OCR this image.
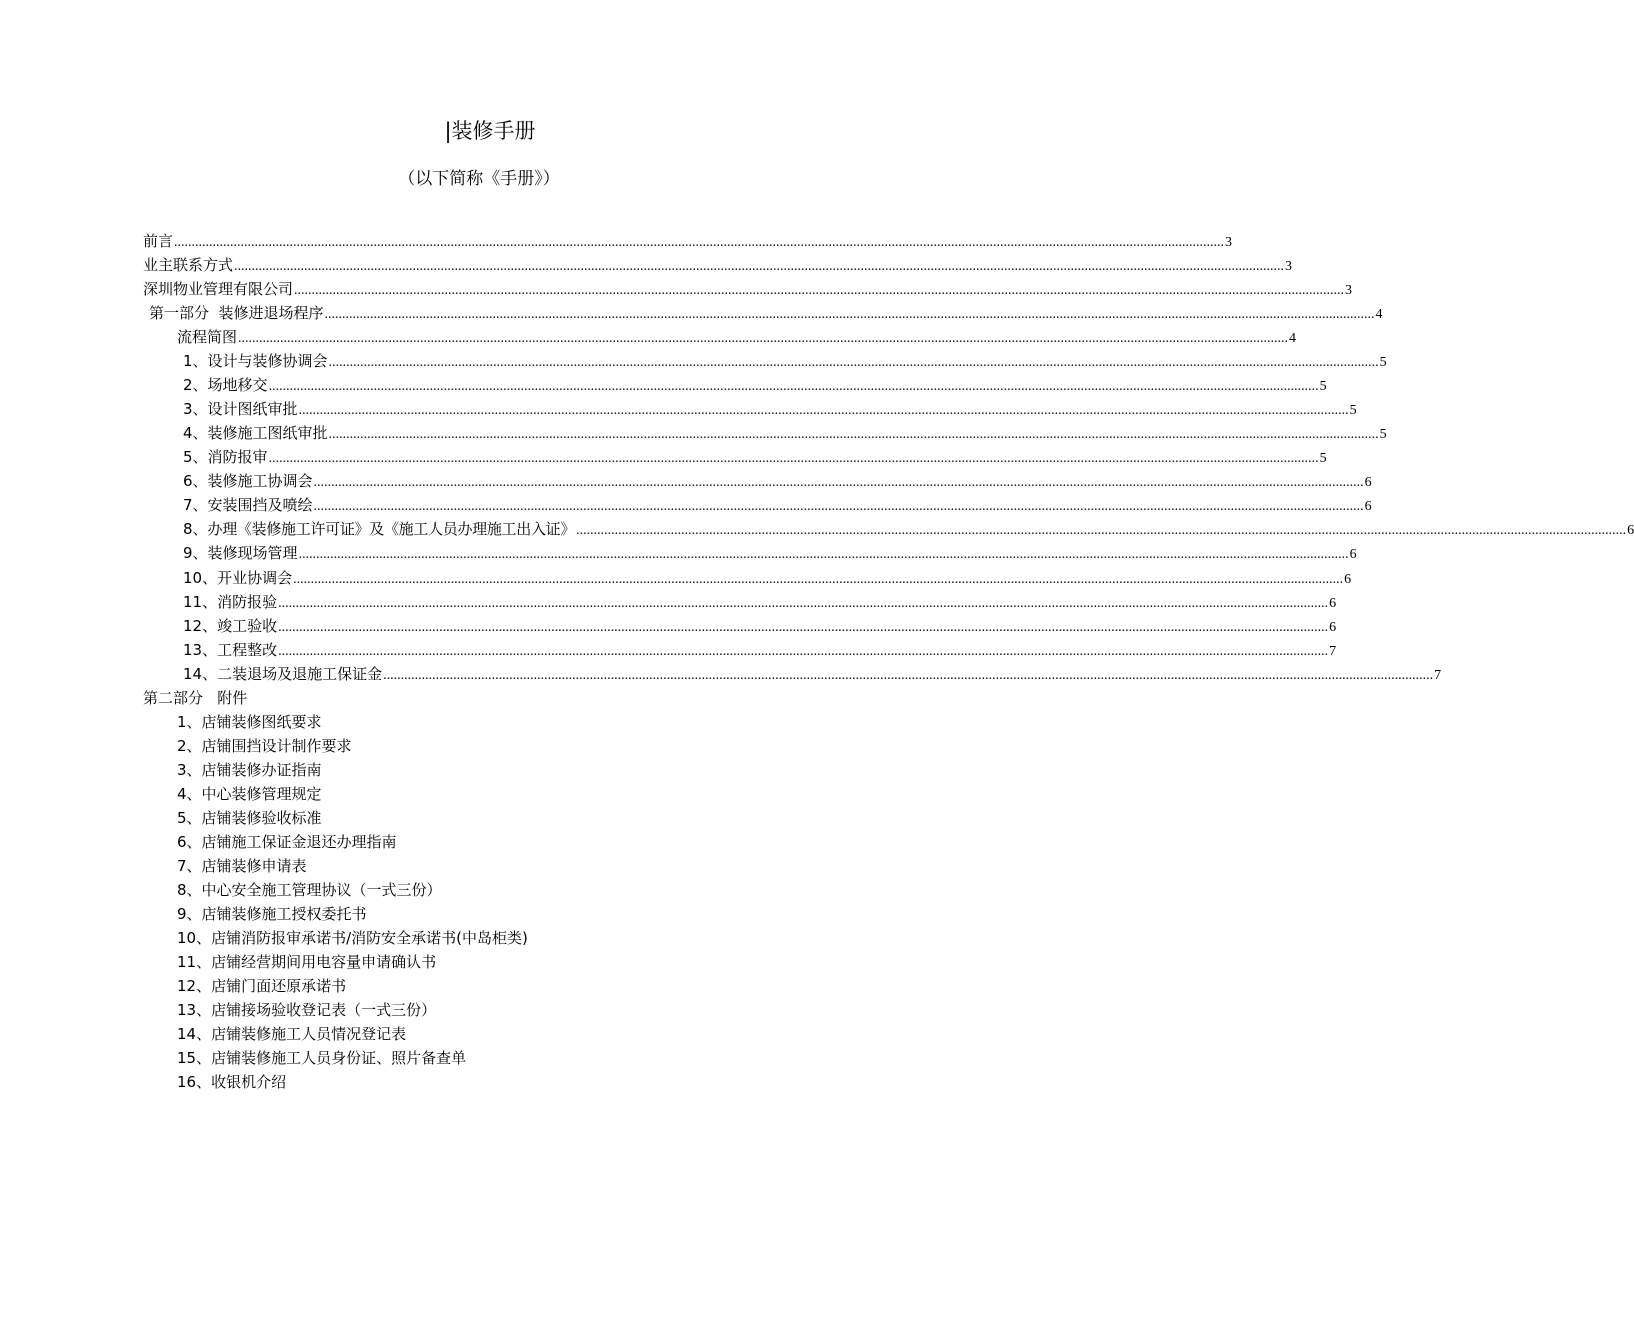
|装修手册
（以下简称《手册》）
前言 ............................................................................................................................................................................................................................................................................................................ 3
业主联系方式 ............................................................................................................................................................................................................................................................................................................ 3
深圳物业管理有限公司 ............................................................................................................................................................................................................................................................................................................ 3
第一部分  装修进退场程序 ............................................................................................................................................................................................................................................................................................................ 4
流程简图 ............................................................................................................................................................................................................................................................................................................ 4
1、 设计与装修协调会 ............................................................................................................................................................................................................................................................................................................ 5
2、 场地移交 ............................................................................................................................................................................................................................................................................................................ 5
3、 设计图纸审批 ............................................................................................................................................................................................................................................................................................................ 5
4、 装修施工图纸审批 ............................................................................................................................................................................................................................................................................................................ 5
5、 消防报审 ............................................................................................................................................................................................................................................................................................................ 5
6、 装修施工协调会 ............................................................................................................................................................................................................................................................................................................ 6
7、 安装围挡及喷绘 ............................................................................................................................................................................................................................................................................................................ 6
8、 办理《装修施工许可证》及《施工人员办理施工出入证》 ............................................................................................................................................................................................................................................................................................................ 6
9、 装修现场管理 ............................................................................................................................................................................................................................................................................................................ 6
10、 开业协调会 ............................................................................................................................................................................................................................................................................................................ 6
11、 消防报验 ............................................................................................................................................................................................................................................................................................................ 6
12、 竣工验收 ............................................................................................................................................................................................................................................................................................................ 6
13、 工程整改 ............................................................................................................................................................................................................................................................................................................ 7
14、 二装退场及退施工保证金 ............................................................................................................................................................................................................................................................................................................ 7
第二部分   附件
1、店铺装修图纸要求
2、店铺围挡设计制作要求
3、店铺装修办证指南
4、中心装修管理规定
5、店铺装修验收标准
6、店铺施工保证金退还办理指南
7、店铺装修申请表
8、中心安全施工管理协议（一式三份）
9、店铺装修施工授权委托书
10、店铺消防报审承诺书/消防安全承诺书(中岛柜类)
11、店铺经营期间用电容量申请确认书
12、店铺门面还原承诺书
13、店铺接场验收登记表（一式三份）
14、店铺装修施工人员情况登记表
15、店铺装修施工人员身份证、照片备查单
16、收银机介绍
